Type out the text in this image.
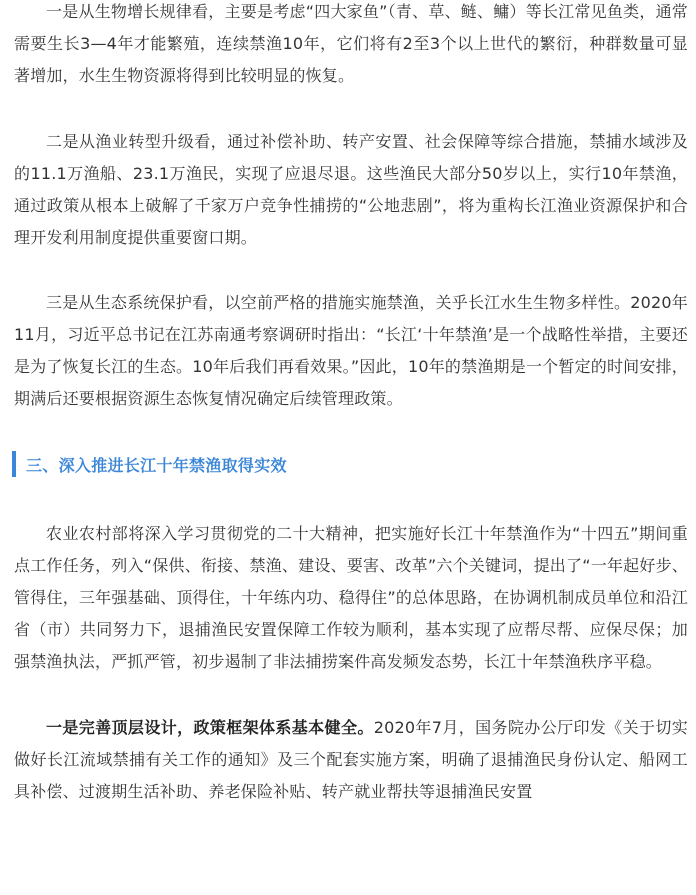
一是从生物增长规律看，主要是考虑“四大家鱼”（青、草、鲢、鳙）等长江常见鱼类，通常需要生长3—4年才能繁殖，连续禁渔10年，它们将有2至3个以上世代的繁衍，种群数量可显著增加，水生生物资源将得到比较明显的恢复。

二是从渔业转型升级看，通过补偿补助、转产安置、社会保障等综合措施，禁捕水域涉及的11.1万渔船、23.1万渔民，实现了应退尽退。这些渔民大部分50岁以上，实行10年禁渔，通过政策从根本上破解了千家万户竞争性捕捞的“公地悲剧”，将为重构长江渔业资源保护和合理开发利用制度提供重要窗口期。

三是从生态系统保护看，以空前严格的措施实施禁渔，关乎长江水生生物多样性。2020年11月，习近平总书记在江苏南通考察调研时指出：“长江‘十年禁渔’是一个战略性举措，主要还是为了恢复长江的生态。10年后我们再看效果。”因此，10年的禁渔期是一个暂定的时间安排，期满后还要根据资源生态恢复情况确定后续管理政策。

三、深入推进长江十年禁渔取得实效

农业农村部将深入学习贯彻党的二十大精神，把实施好长江十年禁渔作为“十四五”期间重点工作任务，列入“保供、衔接、禁渔、建设、要害、改革”六个关键词，提出了“一年起好步、管得住，三年强基础、顶得住，十年练内功、稳得住”的总体思路，在协调机制成员单位和沿江省（市）共同努力下，退捕渔民安置保障工作较为顺利，基本实现了应帮尽帮、应保尽保；加强禁渔执法，严抓严管，初步遏制了非法捕捞案件高发频发态势，长江十年禁渔秩序平稳。

一是完善顶层设计，政策框架体系基本健全。2020年7月，国务院办公厅印发《关于切实做好长江流域禁捕有关工作的通知》及三个配套实施方案，明确了退捕渔民身份认定、船网工具补偿、过渡期生活补助、养老保险补贴、转产就业帮扶等退捕渔民安置
